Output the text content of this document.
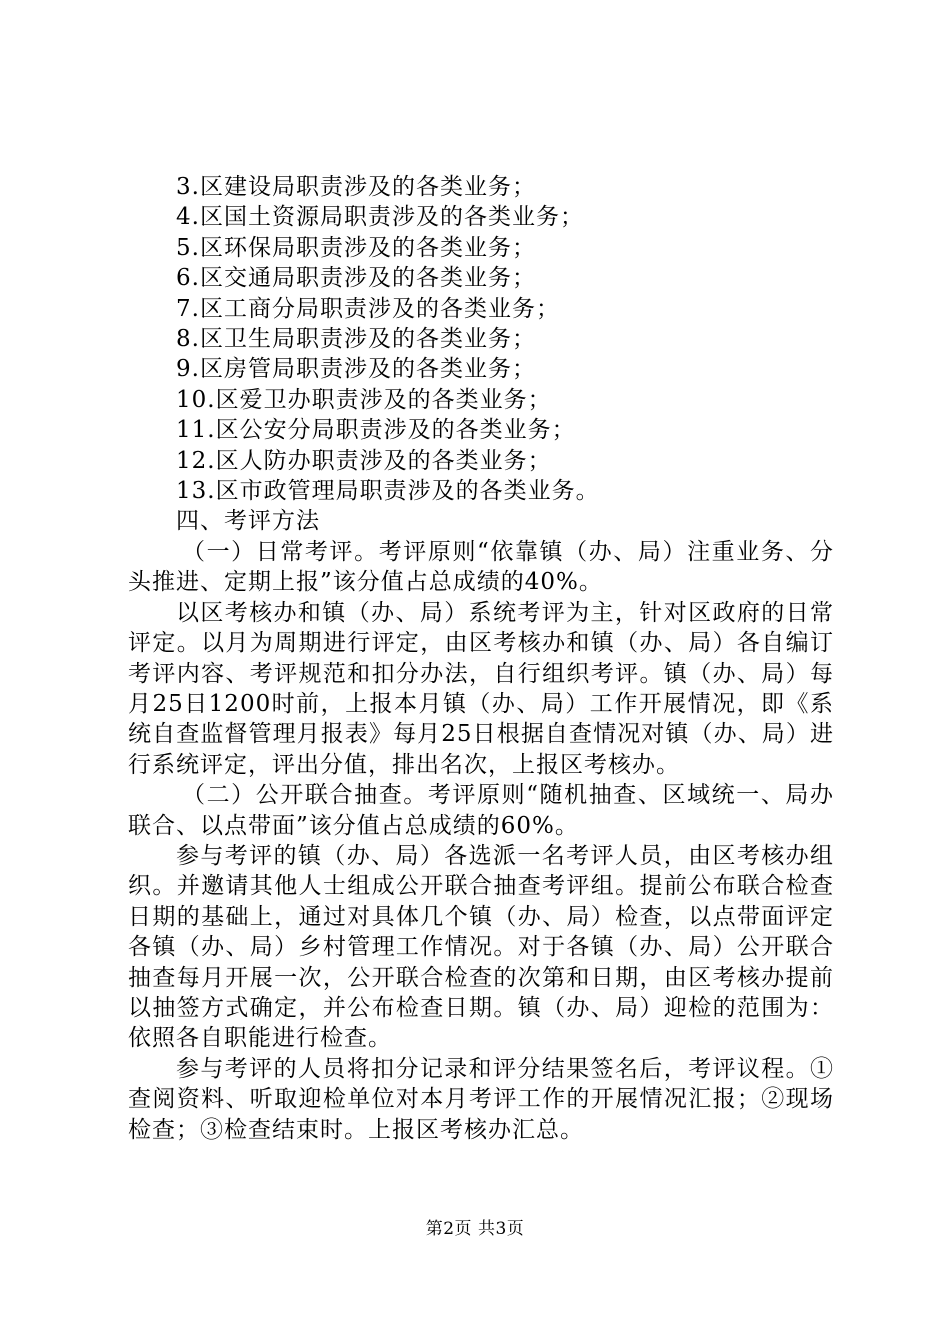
3.区建设局职责涉及的各类业务；
4.区国土资源局职责涉及的各类业务；
5.区环保局职责涉及的各类业务；
6.区交通局职责涉及的各类业务；
7.区工商分局职责涉及的各类业务；
8.区卫生局职责涉及的各类业务；
9.区房管局职责涉及的各类业务；
10.区爱卫办职责涉及的各类业务；
11.区公安分局职责涉及的各类业务；
12.区人防办职责涉及的各类业务；
13.区市政管理局职责涉及的各类业务。
四、考评方法

（一）日常考评。考评原则“依靠镇（办、局）注重业务、分头推进、定期上报”该分值占总成绩的40%。

以区考核办和镇（办、局）系统考评为主，针对区政府的日常评定。以月为周期进行评定，由区考核办和镇（办、局）各自编订考评内容、考评规范和扣分办法，自行组织考评。镇（办、局）每月25日1200时前，上报本月镇（办、局）工作开展情况，即《系统自查监督管理月报表》每月25日根据自查情况对镇（办、局）进行系统评定，评出分值，排出名次，上报区考核办。

（二）公开联合抽查。考评原则“随机抽查、区域统一、局办联合、以点带面”该分值占总成绩的60%。

参与考评的镇（办、局）各选派一名考评人员，由区考核办组织。并邀请其他人士组成公开联合抽查考评组。提前公布联合检查日期的基础上，通过对具体几个镇（办、局）检查，以点带面评定各镇（办、局）乡村管理工作情况。对于各镇（办、局）公开联合抽查每月开展一次，公开联合检查的次第和日期，由区考核办提前以抽签方式确定，并公布检查日期。镇（办、局）迎检的范围为：依照各自职能进行检查。

参与考评的人员将扣分记录和评分结果签名后，考评议程。①查阅资料、听取迎检单位对本月考评工作的开展情况汇报；②现场检查；③检查结束时。上报区考核办汇总。

第2页 共3页
